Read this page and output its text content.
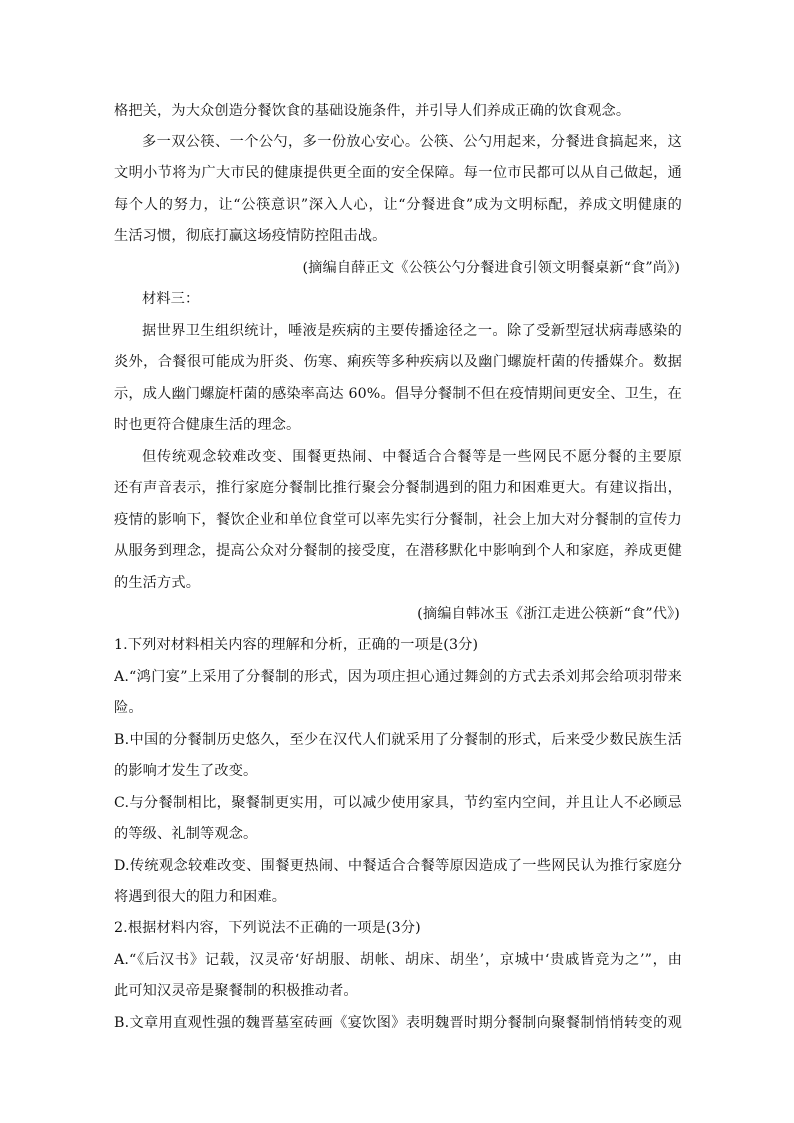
格把关，为大众创造分餐饮食的基础设施条件，并引导人们养成正确的饮食观念。
多一双公筷、一个公勺，多一份放心安心。公筷、公勺用起来，分餐进食搞起来，这
文明小节将为广大市民的健康提供更全面的安全保障。每一位市民都可以从自己做起，通
每个人的努力，让“公筷意识”深入人心，让“分餐进食”成为文明标配，养成文明健康的
生活习惯，彻底打赢这场疫情防控阻击战。
(摘编自薛正文《公筷公勺分餐进食引领文明餐桌新“食”尚》)
材料三：
据世界卫生组织统计，唾液是疾病的主要传播途径之一。除了受新型冠状病毒感染的
炎外，合餐很可能成为肝炎、伤寒、痢疾等多种疾病以及幽门螺旋杆菌的传播媒介。数据
示，成人幽门螺旋杆菌的感染率高达 60%。倡导分餐制不但在疫情期间更安全、卫生，在
时也更符合健康生活的理念。
但传统观念较难改变、围餐更热闹、中餐适合合餐等是一些网民不愿分餐的主要原
还有声音表示，推行家庭分餐制比推行聚会分餐制遇到的阻力和困难更大。有建议指出，
疫情的影响下，餐饮企业和单位食堂可以率先实行分餐制，社会上加大对分餐制的宣传力
从服务到理念，提高公众对分餐制的接受度，在潜移默化中影响到个人和家庭，养成更健
的生活方式。
(摘编自韩冰玉《浙江走进公筷新“食”代》)
1.下列对材料相关内容的理解和分析，正确的一项是(3分)
A.“鸿门宴”上采用了分餐制的形式，因为项庄担心通过舞剑的方式去杀刘邦会给项羽带来
险。
B.中国的分餐制历史悠久，至少在汉代人们就采用了分餐制的形式，后来受少数民族生活
的影响才发生了改变。
C.与分餐制相比，聚餐制更实用，可以减少使用家具，节约室内空间，并且让人不必顾忌
的等级、礼制等观念。
D.传统观念较难改变、围餐更热闹、中餐适合合餐等原因造成了一些网民认为推行家庭分
将遇到很大的阻力和困难。
2.根据材料内容，下列说法不正确的一项是(3分)
A.“《后汉书》记载，汉灵帝‘好胡服、胡帐、胡床、胡坐’，京城中‘贵戚皆竞为之’”，由
此可知汉灵帝是聚餐制的积极推动者。
B.文章用直观性强的魏晋墓室砖画《宴饮图》表明魏晋时期分餐制向聚餐制悄悄转变的观
